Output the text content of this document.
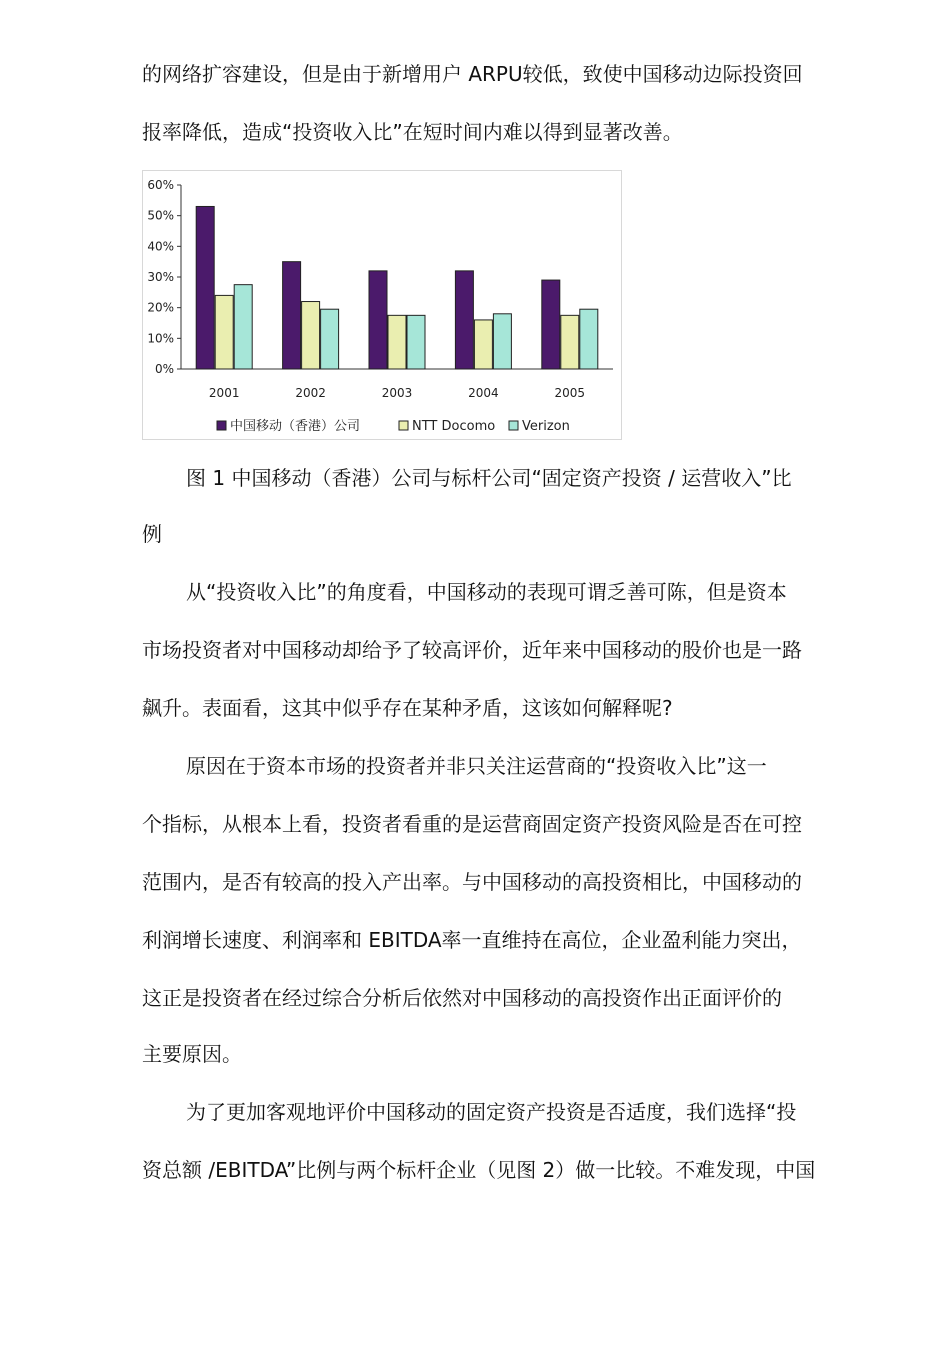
的网络扩容建设，但是由于新增用户 ARPU较低，致使中国移动边际投资回
报率降低，造成“投资收入比”在短时间内难以得到显著改善。
0%
10%
20%
30%
40%
50%
60%
2001	2002	2003	2004	2005
中国移动（香港）公司	NTT Docomo Verizon
图 1 中国移动（香港）公司与标杆公司“固定资产投资 / 运营收入”比
例
从“投资收入比”的角度看，中国移动的表现可谓乏善可陈，但是资本
市场投资者对中国移动却给予了较高评价，近年来中国移动的股价也是一路
飙升。表面看，这其中似乎存在某种矛盾，这该如何解释呢?
原因在于资本市场的投资者并非只关注运营商的“投资收入比”这一
个指标，从根本上看，投资者看重的是运营商固定资产投资风险是否在可控
范围内，是否有较高的投入产出率。与中国移动的高投资相比，中国移动的
利润增长速度、利润率和 EBITDA率一直维持在高位，企业盈利能力突出，
这正是投资者在经过综合分析后依然对中国移动的高投资作出正面评价的
主要原因。
为了更加客观地评价中国移动的固定资产投资是否适度，我们选择“投
资总额 /EBITDA”比例与两个标杆企业（见图 2）做一比较。不难发现，中国
